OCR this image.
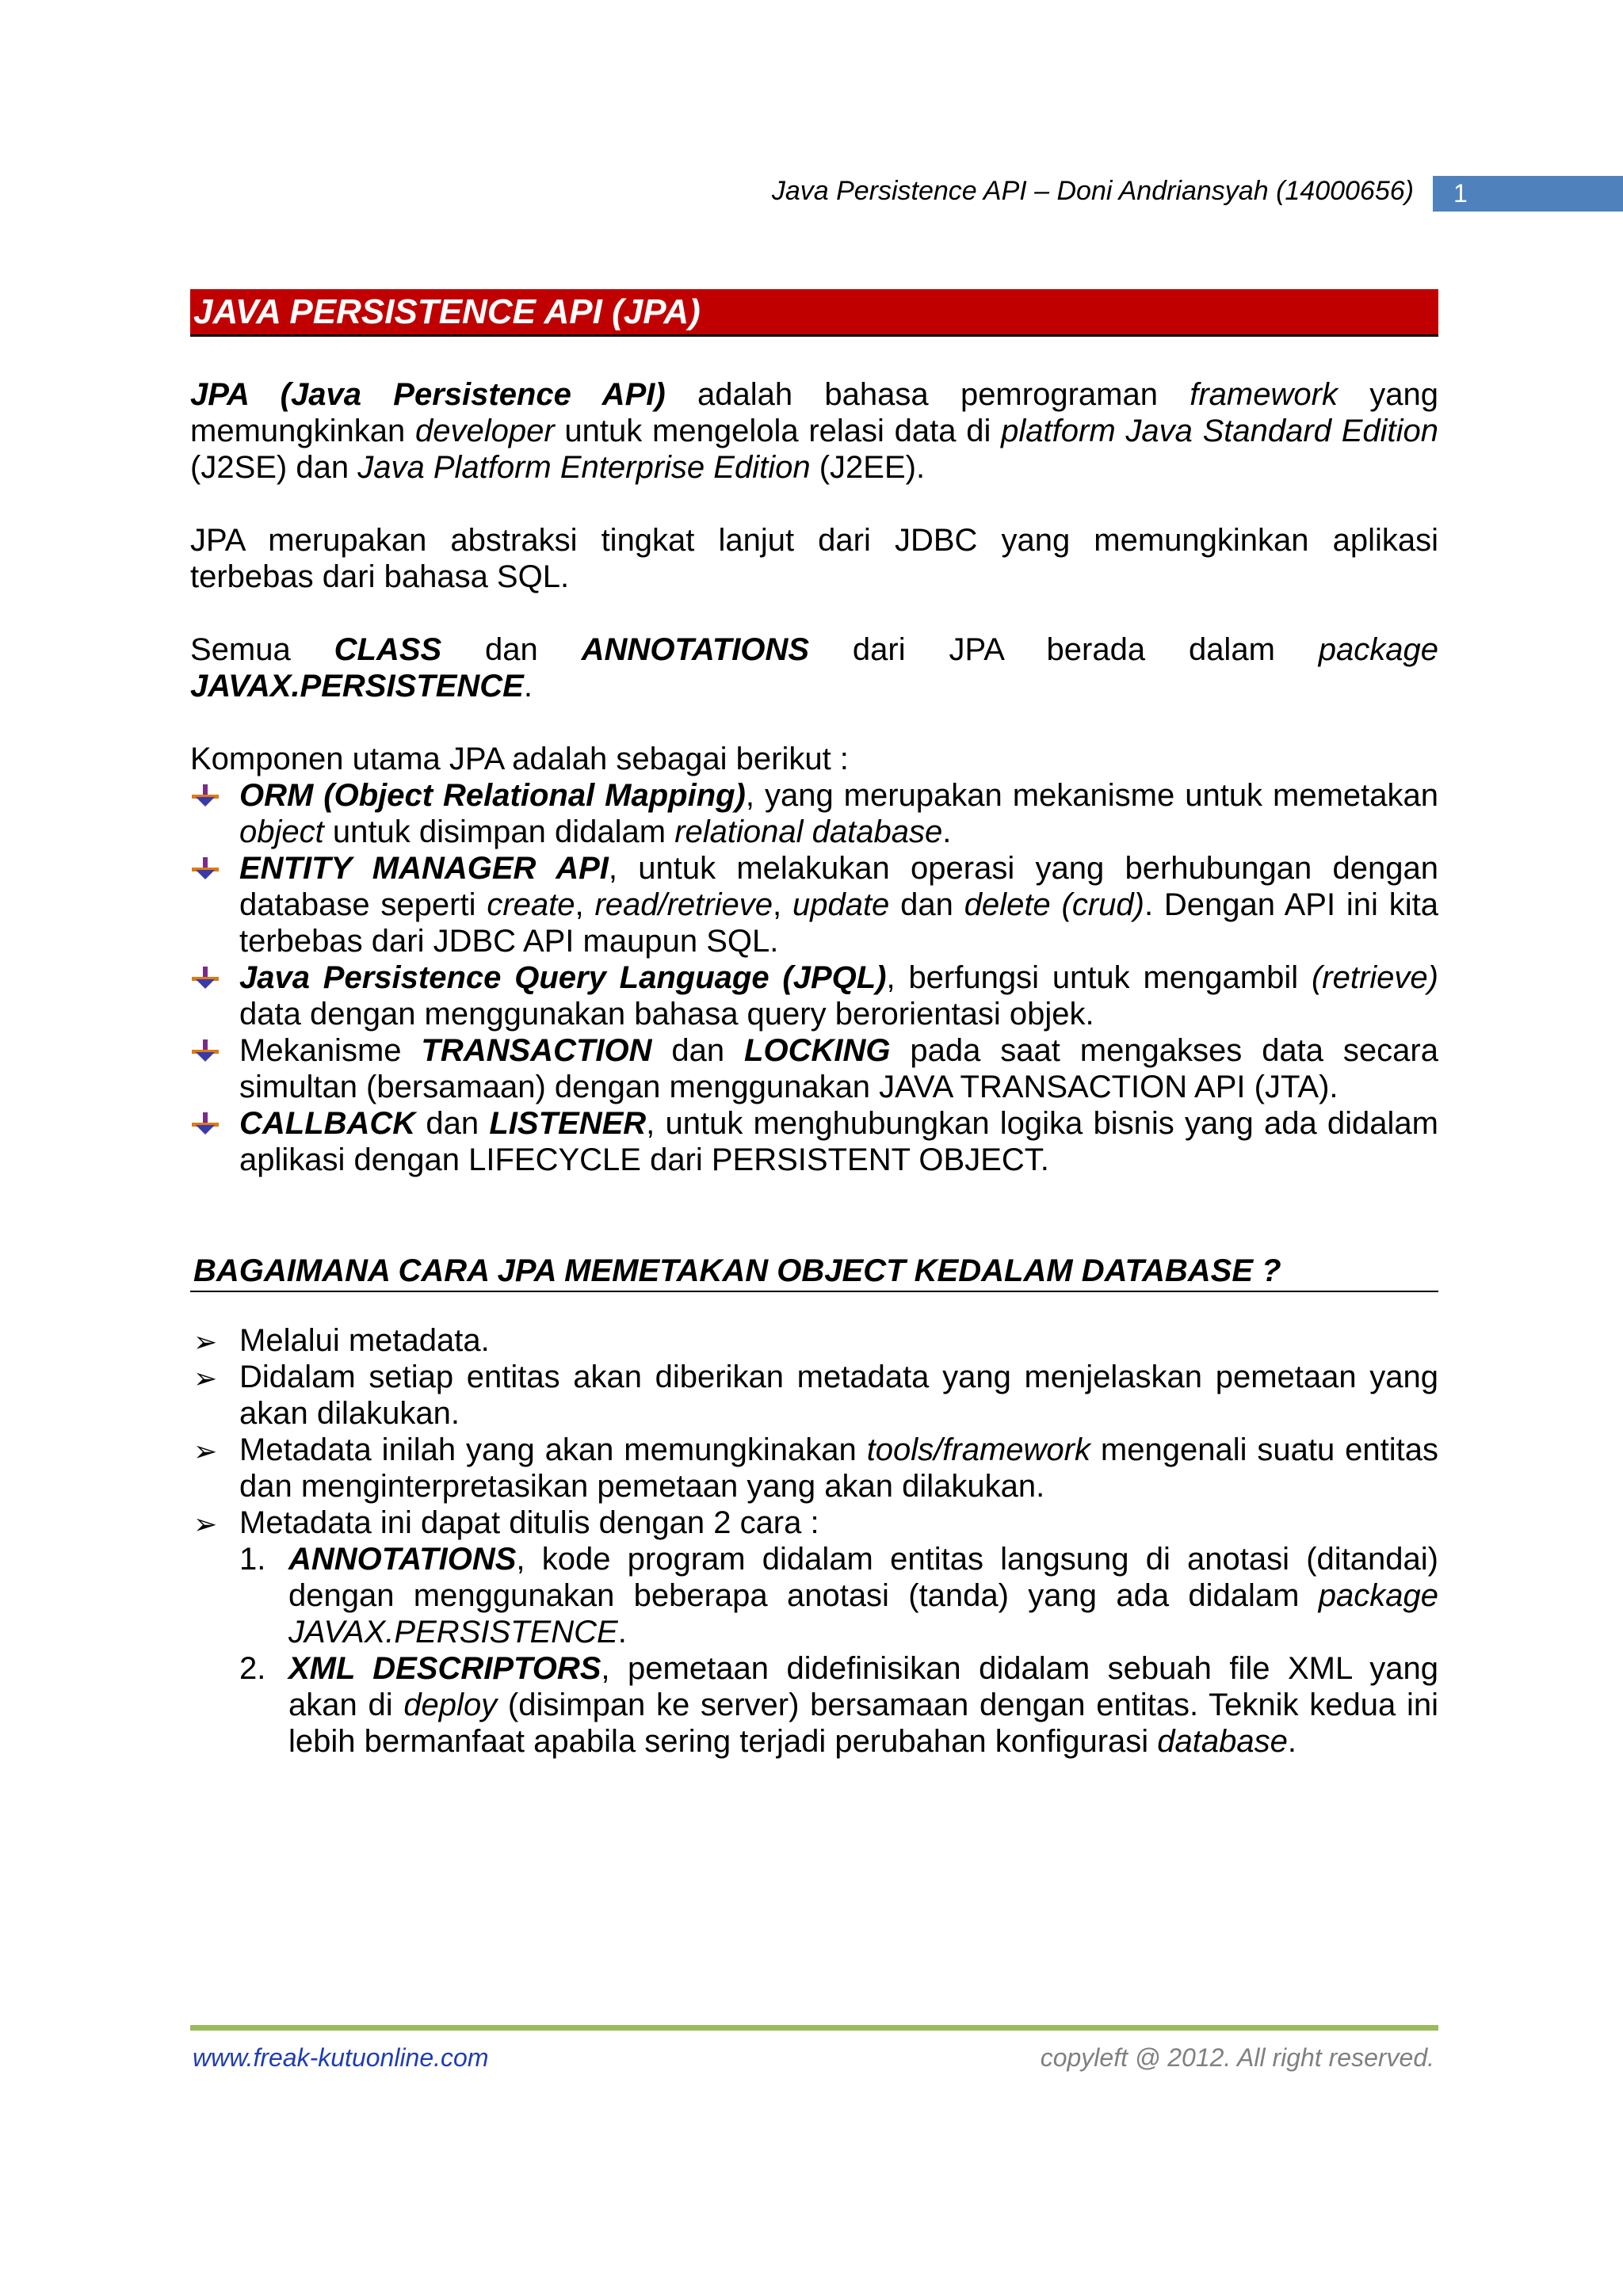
Java Persistence API – Doni Andriansyah (14000656)	1
JAVA PERSISTENCE API (JPA)

JPA (Java Persistence API) adalah bahasa pemrograman framework yang

memungkinkan developer untuk mengelola relasi data di platform Java Standard Edition

(J2SE) dan Java Platform Enterprise Edition (J2EE).

JPA merupakan abstraksi tingkat lanjut dari JDBC yang memungkinkan aplikasi

terbebas dari bahasa SQL.

Semua CLASS dan ANNOTATIONS dari JPA berada dalam package

JAVAX.PERSISTENCE.

Komponen utama JPA adalah sebagai berikut :

ORM (Object Relational Mapping), yang merupakan mekanisme untuk memetakan object untuk disimpan didalam relational database.
ENTITY MANAGER API, untuk melakukan operasi yang berhubungan dengan database seperti create, read/retrieve, update dan delete (crud). Dengan API ini kita terbebas dari JDBC API maupun SQL.
Java Persistence Query Language (JPQL), berfungsi untuk mengambil (retrieve) data dengan menggunakan bahasa query berorientasi objek.
Mekanisme TRANSACTION dan LOCKING pada saat mengakses data secara simultan (bersamaan) dengan menggunakan JAVA TRANSACTION API (JTA).
CALLBACK dan LISTENER, untuk menghubungkan logika bisnis yang ada didalam aplikasi dengan LIFECYCLE dari PERSISTENT OBJECT.
BAGAIMANA CARA JPA MEMETAKAN OBJECT KEDALAM DATABASE ?
➢ Melalui metadata.
➢ Didalam setiap entitas akan diberikan metadata yang menjelaskan pemetaan yang akan dilakukan.
➢ Metadata inilah yang akan memungkinakan tools/framework mengenali suatu entitas dan menginterpretasikan pemetaan yang akan dilakukan.
➢ Metadata ini dapat ditulis dengan 2 cara :
1. ANNOTATIONS, kode program didalam entitas langsung di anotasi (ditandai) dengan menggunakan beberapa anotasi (tanda) yang ada didalam package JAVAX.PERSISTENCE.
2. XML DESCRIPTORS, pemetaan didefinisikan didalam sebuah file XML yang akan di deploy (disimpan ke server) bersamaan dengan entitas. Teknik kedua ini lebih bermanfaat apabila sering terjadi perubahan konfigurasi database.
www.freak-kutuonline.com	copyleft @ 2012. All right reserved.
